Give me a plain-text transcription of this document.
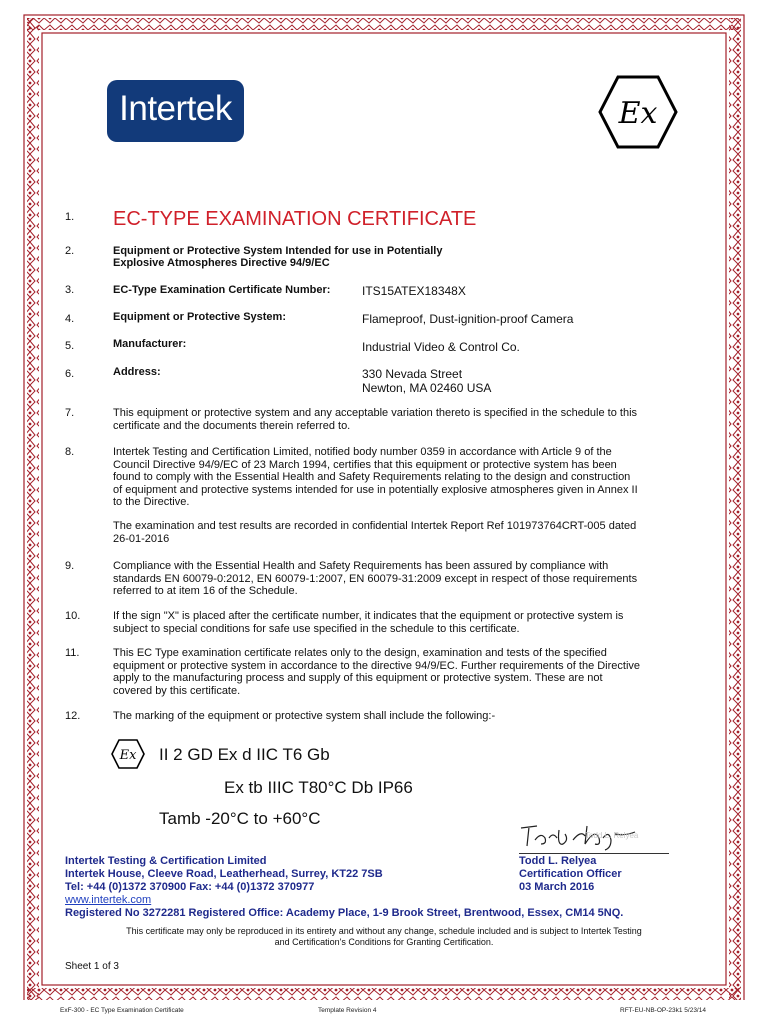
Intertek	Ex
1. EC-TYPE EXAMINATION CERTIFICATE
2.	Equipment or Protective System Intended for use in Potentially
Explosive Atmospheres Directive 94/9/EC
3.	EC-Type Examination Certificate Number:	ITS15ATEX18348X
4.	Equipment or Protective System:	Flameproof, Dust-ignition-proof Camera
5.	Manufacturer:	Industrial Video & Control Co.
6.	Address:	330 Nevada Street
Newton, MA 02460 USA
7.	This equipment or protective system and any acceptable variation thereto is specified in the schedule to this
certificate and the documents therein referred to.
8.	Intertek Testing and Certification Limited, notified body number 0359 in accordance with Article 9 of the
Council Directive 94/9/EC of 23 March 1994, certifies that this equipment or protective system has been
found to comply with the Essential Health and Safety Requirements relating to the design and construction
of equipment and protective systems intended for use in potentially explosive atmospheres given in Annex II
to the Directive.
The examination and test results are recorded in confidential Intertek Report Ref 101973764CRT-005 dated
26-01-2016
9.	Compliance with the Essential Health and Safety Requirements has been assured by compliance with
standards EN 60079-0:2012, EN 60079-1:2007, EN 60079-31:2009 except in respect of those requirements
referred to at item 16 of the Schedule.
10.	If the sign "X" is placed after the certificate number, it indicates that the equipment or protective system is
subject to special conditions for safe use specified in the schedule to this certificate.
11.	This EC Type examination certificate relates only to the design, examination and tests of the specified
equipment or protective system in accordance to the directive 94/9/EC. Further requirements of the Directive
apply to the manufacturing process and supply of this equipment or protective system. These are not
covered by this certificate.
12.	The marking of the equipment or protective system shall include the following:-
Ex II 2 GD Ex d IIC T6 Gb
Ex tb IIIC T80°C Db IP66
Tamb -20°C to +60°C
Todd L. Relyea
Intertek Testing & Certification Limited
Intertek House, Cleeve Road, Leatherhead, Surrey, KT22 7SB
Tel: +44 (0)1372 370900 Fax: +44 (0)1372 370977
www.intertek.com
Registered No 3272281 Registered Office: Academy Place, 1-9 Brook Street, Brentwood, Essex, CM14 5NQ.
Todd L. Relyea
Certification Officer
03 March 2016
This certificate may only be reproduced in its entirety and without any change, schedule included and is subject to Intertek Testing
and Certification's Conditions for Granting Certification.
Sheet 1 of 3
ExF-300 - EC Type Examination Certificate	Template Revision 4	RFT-EU-NB-OP-23k1 5/23/14
